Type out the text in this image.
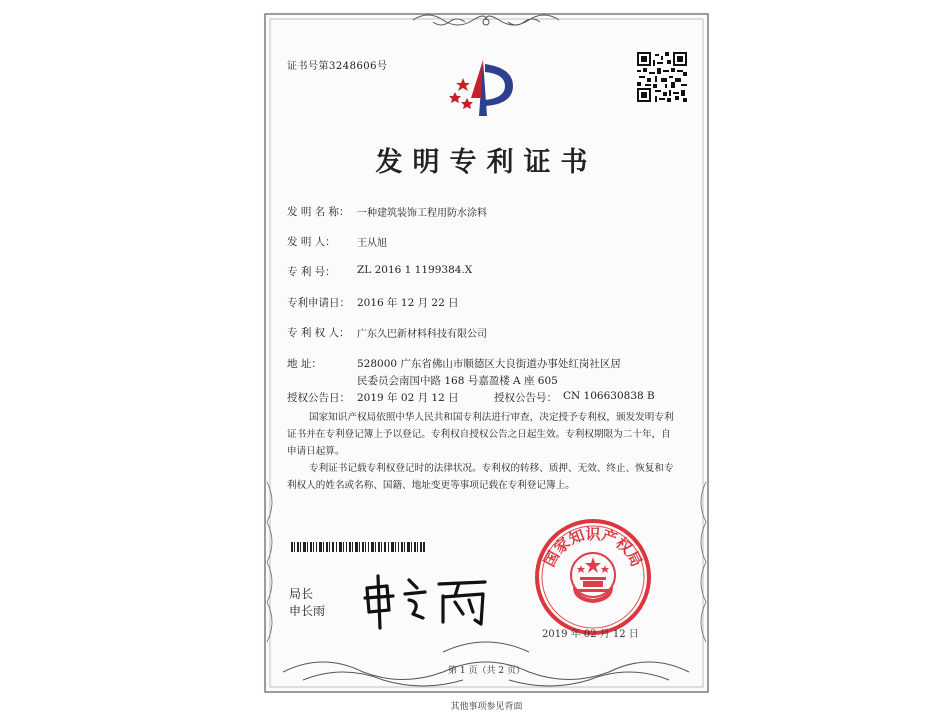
证书号第3248606号
发明专利证书
发 明 名 称： 一种建筑装饰工程用防水涂料
发 明 人： 王从旭
专 利 号： ZL 2016 1 1199384.X
专利申请日： 2016 年 12 月 22 日
专 利 权 人： 广东久巴新材料科技有限公司
地 址：	528000 广东省佛山市顺德区大良街道办事处红岗社区居
民委员会南国中路 168 号嘉盈楼 A 座 605
授权公告日： 2019 年 02 月 12 日	授权公告号： CN 106630838 B
国家知识产权局依照中华人民共和国专利法进行审查，决定授予专利权，颁发发明专利
证书并在专利登记簿上予以登记。专利权自授权公告之日起生效。专利权期限为二十年，自
申请日起算。
专利证书记载专利权登记时的法律状况。专利权的转移、质押、无效、终止、恢复和专
利权人的姓名或名称、国籍、地址变更等事项记载在专利登记簿上。
局长
申长雨
国家知识产权局
2019 年 02 月 12 日
第 1 页（共 2 页）
其他事项参见背面
